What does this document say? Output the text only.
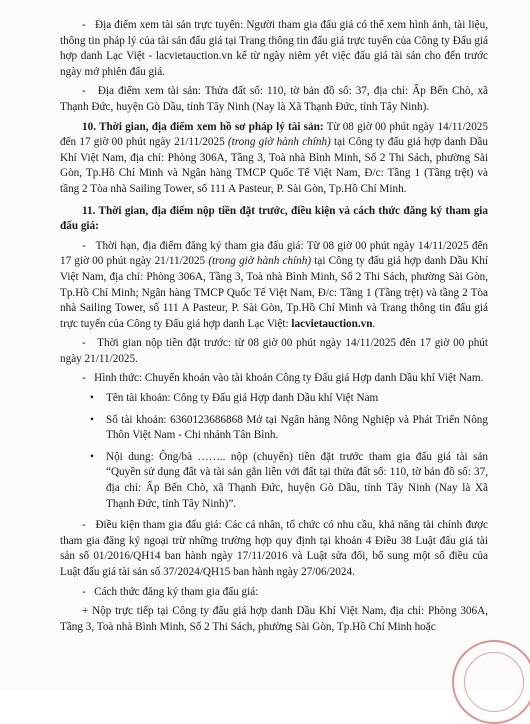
- Địa điểm xem tài sản trực tuyến: Người tham gia đấu giá có thể xem hình ảnh, tài liệu, thông tin pháp lý của tài sản đấu giá tại Trang thông tin đấu giá trực tuyến của Công ty Đấu giá hợp danh Lạc Việt - lacvietauction.vn kể từ ngày niêm yết việc đấu giá tài sản cho đến trước ngày mở phiên đấu giá.

- Địa điểm xem tài sản: Thửa đất số: 110, tờ bản đồ số: 37, địa chỉ: Ấp Bến Chò, xã Thạnh Đức, huyện Gò Dầu, tỉnh Tây Ninh (Nay là Xã Thạnh Đức, tỉnh Tây Ninh).

10. Thời gian, địa điểm xem hồ sơ pháp lý tài sản: Từ 08 giờ 00 phút ngày 14/11/2025 đến 17 giờ 00 phút ngày 21/11/2025 (trong giờ hành chính) tại Công ty đấu giá hợp danh Dầu Khí Việt Nam, địa chỉ: Phòng 306A, Tầng 3, Toà nhà Bình Minh, Số 2 Thi Sách, phường Sài Gòn, Tp.Hồ Chí Minh và Ngân hàng TMCP Quốc Tế Việt Nam, Đ/c: Tầng 1 (Tầng trệt) và tầng 2 Tòa nhà Sailing Tower, số 111 A Pasteur, P. Sài Gòn, Tp.Hồ Chí Minh.

11. Thời gian, địa điểm nộp tiền đặt trước, điều kiện và cách thức đăng ký tham gia đấu giá:

- Thời hạn, địa điểm đăng ký tham gia đấu giá: Từ 08 giờ 00 phút ngày 14/11/2025 đến 17 giờ 00 phút ngày 21/11/2025 (trong giờ hành chính) tại Công ty đấu giá hợp danh Dầu Khí Việt Nam, địa chỉ: Phòng 306A, Tầng 3, Toà nhà Bình Minh, Số 2 Thi Sách, phường Sài Gòn, Tp.Hồ Chí Minh; Ngân hàng TMCP Quốc Tế Việt Nam, Đ/c: Tầng 1 (Tầng trệt) và tầng 2 Tòa nhà Sailing Tower, số 111 A Pasteur, P. Sài Gòn, Tp.Hồ Chí Minh và Trang thông tin đấu giá trực tuyến của Công ty Đấu giá hợp danh Lạc Việt: lacvietauction.vn.

- Thời gian nộp tiền đặt trước: từ 08 giờ 00 phút ngày 14/11/2025 đến 17 giờ 00 phút ngày 21/11/2025.

- Hình thức: Chuyển khoản vào tài khoản Công ty Đấu giá Hợp danh Dầu khí Việt Nam.

• Tên tài khoản: Công ty Đấu giá Hợp danh Dầu khí Việt Nam
• Số tài khoản: 6360123686868 Mở tại Ngân hàng Nông Nghiệp và Phát Triển Nông Thôn Việt Nam - Chi nhánh Tân Bình.
• Nội dung: Ông/bà …….. nộp (chuyển) tiền đặt trước tham gia đấu giá tài sản “Quyền sử dụng đất và tài sản gắn liền với đất tại thửa đất số: 110, tờ bản đồ số: 37, địa chỉ: Ấp Bến Chò, xã Thạnh Đức, huyện Gò Dầu, tỉnh Tây Ninh (Nay là Xã Thạnh Đức, tỉnh Tây Ninh)”.

- Điều kiện tham gia đấu giá: Các cá nhân, tổ chức có nhu cầu, khả năng tài chính được tham gia đăng ký ngoại trừ những trường hợp quy định tại khoản 4 Điều 38 Luật đấu giá tài sản số 01/2016/QH14 ban hành ngày 17/11/2016 và Luật sửa đổi, bổ sung một số điều của Luật đấu giá tài sản số 37/2024/QH15 ban hành ngày 27/06/2024.

- Cách thức đăng ký tham gia đấu giá:

+ Nộp trực tiếp tại Công ty đấu giá hợp danh Dầu Khí Việt Nam, địa chỉ: Phòng 306A, Tầng 3, Toà nhà Bình Minh, Số 2 Thi Sách, phường Sài Gòn, Tp.Hồ Chí Minh hoặc
